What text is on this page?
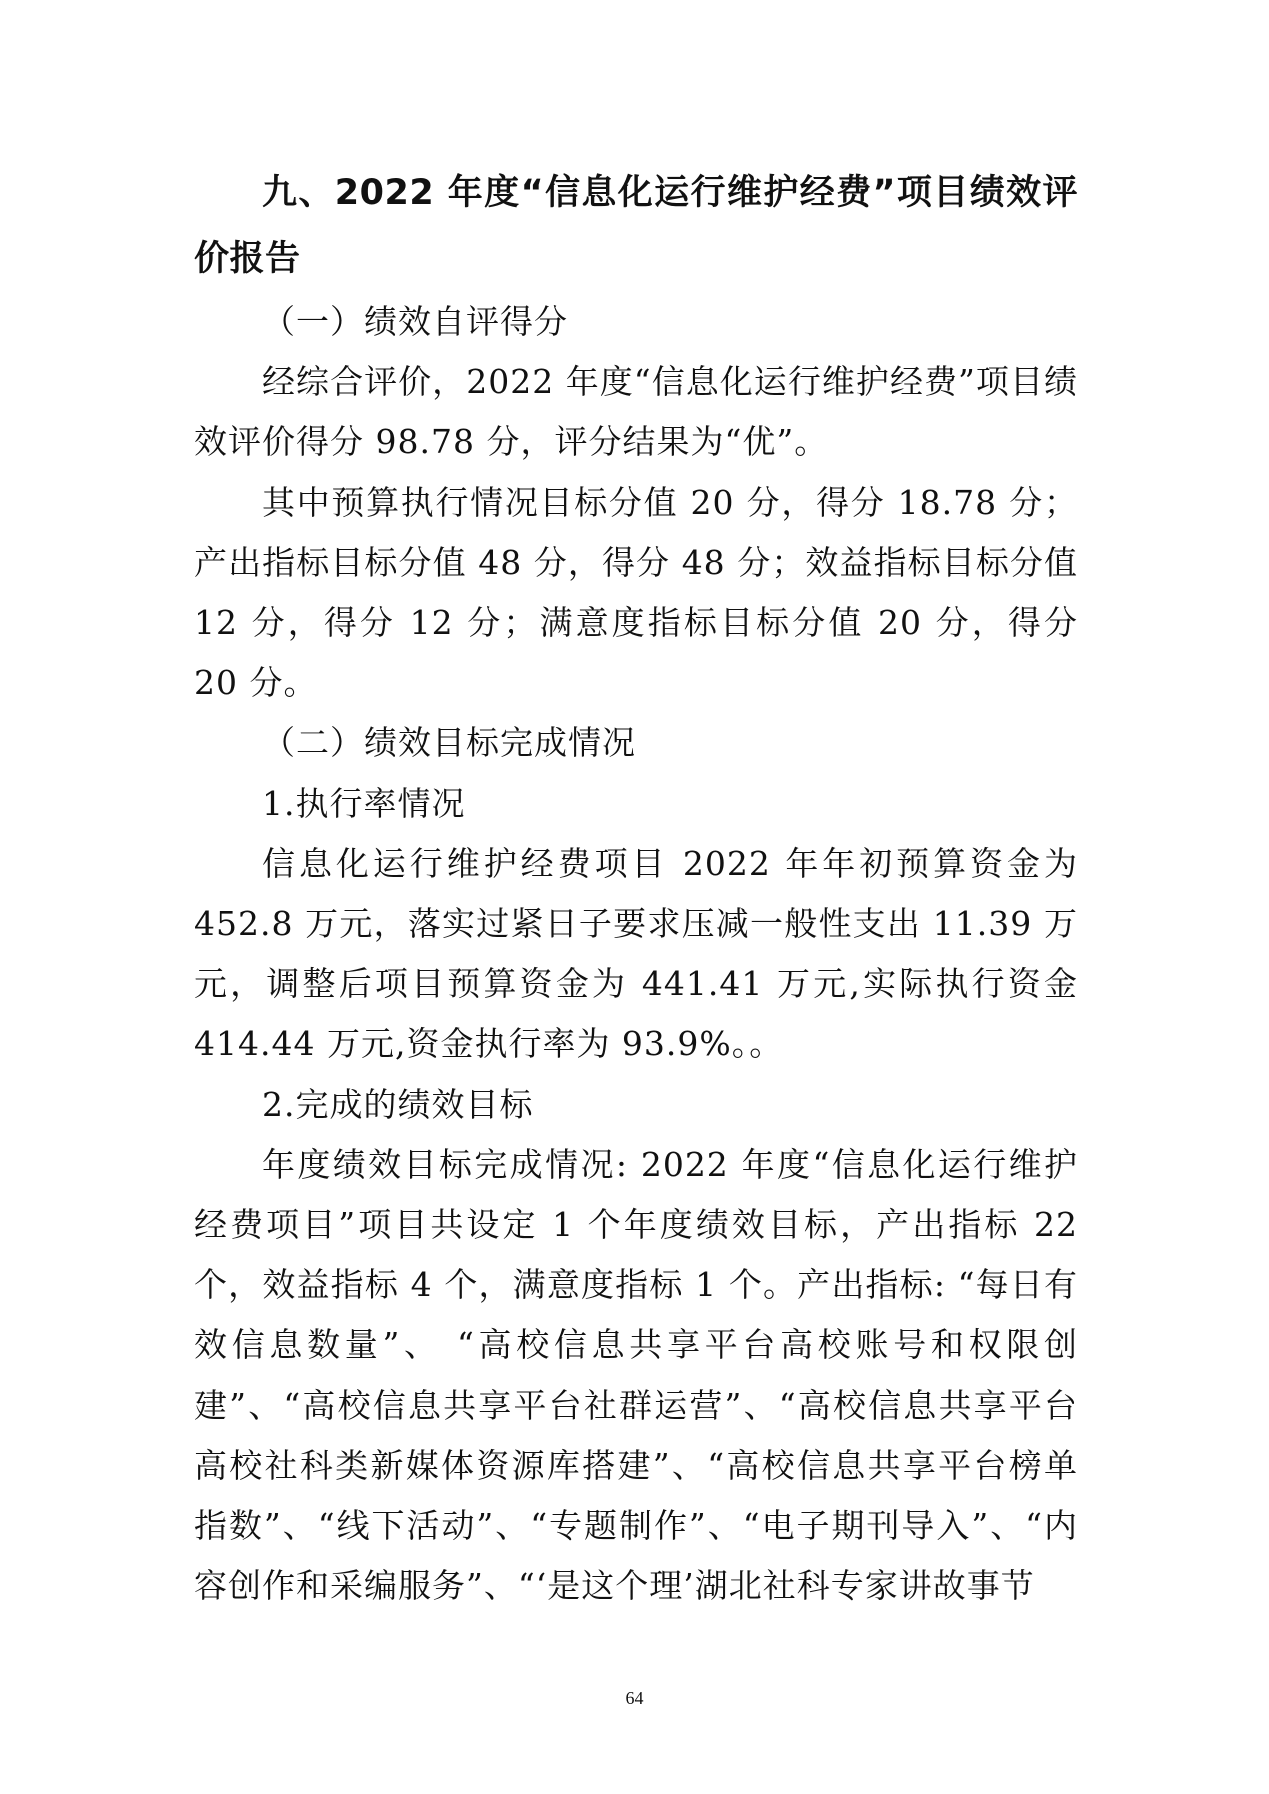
九、2022 年度“信息化运行维护经费”项目绩效评价报告

（一）绩效自评得分

经综合评价，2022 年度“信息化运行维护经费”项目绩效评价得分 98.78 分，评分结果为“优”。

其中预算执行情况目标分值 20 分，得分 18.78 分；产出指标目标分值 48 分，得分 48 分；效益指标目标分值 12 分，得分 12 分；满意度指标目标分值 20 分，得分 20 分。

（二）绩效目标完成情况

1.执行率情况

信息化运行维护经费项目 2022 年年初预算资金为 452.8 万元，落实过紧日子要求压减一般性支出 11.39 万元，调整后项目预算资金为 441.41 万元,实际执行资金 414.44 万元,资金执行率为 93.9%。。

2.完成的绩效目标

年度绩效目标完成情况: 2022 年度“信息化运行维护经费项目”项目共设定 1 个年度绩效目标，产出指标 22 个，效益指标 4 个，满意度指标 1 个。产出指标: “每日有效信息数量”、 “高校信息共享平台高校账号和权限创建”、“高校信息共享平台社群运营”、“高校信息共享平台高校社科类新媒体资源库搭建”、“高校信息共享平台榜单指数”、“线下活动”、“专题制作”、“电子期刊导入”、“内容创作和采编服务”、“‘是这个理’湖北社科专家讲故事节

64
